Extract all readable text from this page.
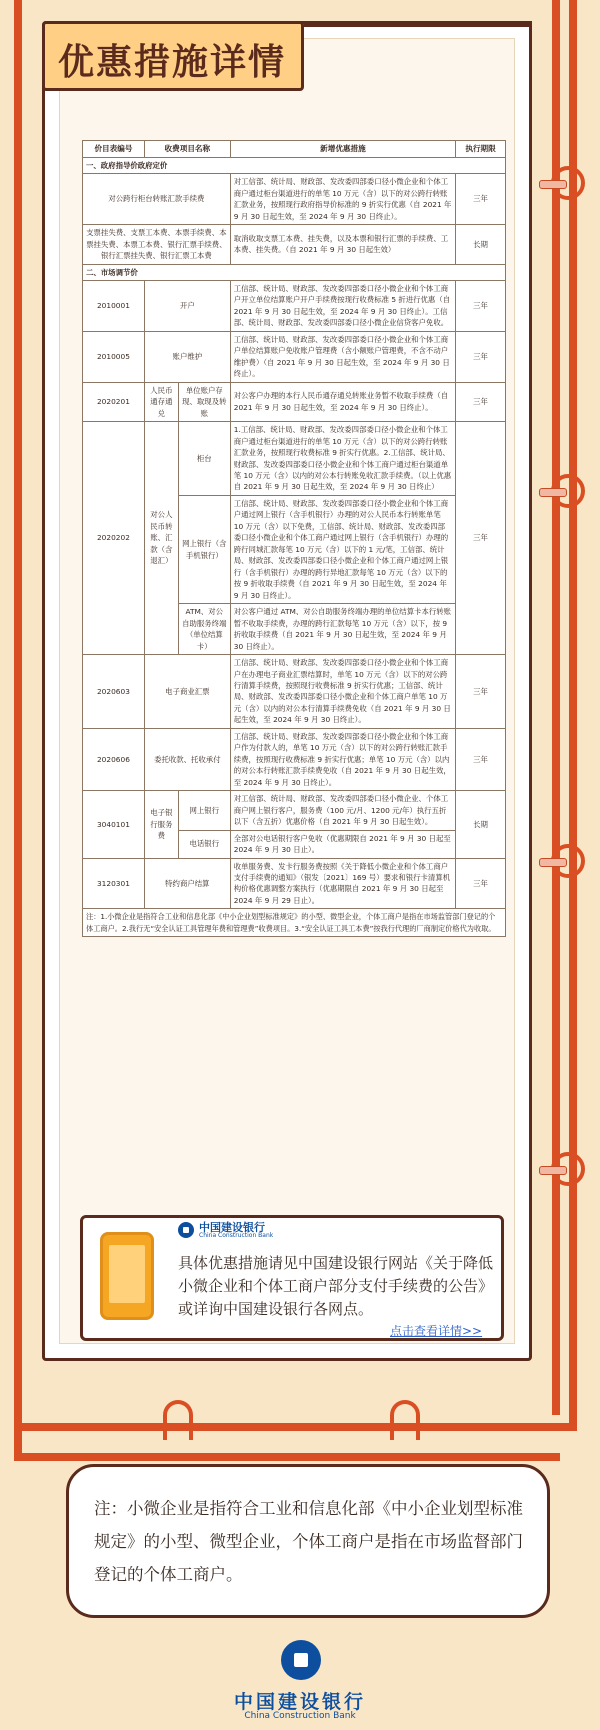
优惠措施详情
价目表编号	收费项目名称		新增优惠措施	执行期限
一、政府指导价政府定价				
对公跨行柜台转账汇款手续费			对工信部、统计局、财政部、发改委四部委口径小微企业和个体工商户通过柜台渠道进行的单笔 10 万元（含）以下的对公跨行转账汇款业务，按照现行政府指导价标准的 9 折实行优惠（自 2021 年 9 月 30 日起生效，至 2024 年 9 月 30 日终止）。	三年
支票挂失费、支票工本费、本票手续费、本票挂失费、本票工本费、银行汇票手续费、银行汇票挂失费、银行汇票工本费			取消收取支票工本费、挂失费，以及本票和银行汇票的手续费、工本费、挂失费。（自 2021 年 9 月 30 日起生效）	长期
二、市场调节价				
2010001	开户		工信部、统计局、财政部、发改委四部委口径小微企业和个体工商户开立单位结算账户开户手续费按现行收费标准 5 折进行优惠（自 2021 年 9 月 30 日起生效，至 2024 年 9 月 30 日终止）。工信部、统计局、财政部、发改委四部委口径小微企业信贷客户免收。	三年
2010005	账户维护		工信部、统计局、财政部、发改委四部委口径小微企业和个体工商户单位结算账户免收账户管理费（含小额账户管理费，不含不动户维护费）（自 2021 年 9 月 30 日起生效，至 2024 年 9 月 30 日终止）。	三年
2020201	人民币通存通兑	单位账户存现、取现及转账	对公客户办理的本行人民币通存通兑转账业务暂不收取手续费（自 2021 年 9 月 30 日起生效，至 2024 年 9 月 30 日终止）。	三年
2020202	对公人民币转账、汇款（含退汇）	柜台	1.工信部、统计局、财政部、发改委四部委口径小微企业和个体工商户通过柜台渠道进行的单笔 10 万元（含）以下的对公跨行转账汇款业务，按照现行收费标准 9 折实行优惠。2.工信部、统计局、财政部、发改委四部委口径小微企业和个体工商户通过柜台渠道单笔 10 万元（含）以内的对公本行转账免收汇款手续费。（以上优惠自 2021 年 9 月 30 日起生效，至 2024 年 9 月 30 日终止）	三年
		网上银行（含手机银行）	工信部、统计局、财政部、发改委四部委口径小微企业和个体工商户通过网上银行（含手机银行）办理的对公人民币本行转账单笔 10 万元（含）以下免费，工信部、统计局、财政部、发改委四部委口径小微企业和个体工商户通过网上银行（含手机银行）办理的跨行同城汇款每笔 10 万元（含）以下的 1 元/笔，工信部、统计局、财政部、发改委四部委口径小微企业和个体工商户通过网上银行（含手机银行）办理的跨行异地汇款每笔 10 万元（含）以下的按 9 折收取手续费（自 2021 年 9 月 30 日起生效，至 2024 年 9 月 30 日终止）。	
		ATM、对公自助服务终端（单位结算卡）	对公客户通过 ATM、对公自助服务终端办理的单位结算卡本行转账暂不收取手续费，办理的跨行汇款每笔 10 万元（含）以下，按 9 折收取手续费（自 2021 年 9 月 30 日起生效，至 2024 年 9 月 30 日终止）。	
2020603	电子商业汇票		工信部、统计局、财政部、发改委四部委口径小微企业和个体工商户在办理电子商业汇票结算时，单笔 10 万元（含）以下的对公跨行清算手续费，按照现行收费标准 9 折实行优惠；工信部、统计局、财政部、发改委四部委口径小微企业和个体工商户单笔 10 万元（含）以内的对公本行清算手续费免收（自 2021 年 9 月 30 日起生效，至 2024 年 9 月 30 日终止）。	三年
2020606	委托收款、托收承付		工信部、统计局、财政部、发改委四部委口径小微企业和个体工商户作为付款人的，单笔 10 万元（含）以下的对公跨行转账汇款手续费，按照现行收费标准 9 折实行优惠；单笔 10 万元（含）以内的对公本行转账汇款手续费免收（自 2021 年 9 月 30 日起生效，至 2024 年 9 月 30 日终止）。	三年
3040101	电子银行服务费	网上银行	对工信部、统计局、财政部、发改委四部委口径小微企业、个体工商户网上银行客户，服务费（100 元/月、1200 元/年）执行五折以下（含五折）优惠价格（自 2021 年 9 月 30 日起生效）。	长期
		电话银行	全部对公电话银行客户免收（优惠期限自 2021 年 9 月 30 日起至 2024 年 9 月 30 日止）。	
3120301	特约商户结算		收单服务费、发卡行服务费按照《关于降低小微企业和个体工商户支付手续费的通知》（银发〔2021〕169 号）要求和银行卡清算机构价格优惠调整方案执行（优惠期限自 2021 年 9 月 30 日起至 2024 年 9 月 29 日止）。	三年
注：1.小微企业是指符合工业和信息化部《中小企业划型标准规定》的小型、微型企业，个体工商户是指在市场监管部门登记的个体工商户。2.我行无“安全认证工具管理年费和管理费”收费项目。3.“安全认证工具工本费”按我行代理的厂商制定价格代为收取。				
中国建设银行
China Construction Bank
具体优惠措施请见中国建设银行网站《关于降低小微企业和个体工商户部分支付手续费的公告》或详询中国建设银行各网点。
点击查看详情>>
注：小微企业是指符合工业和信息化部《中小企业划型标准规定》的小型、微型企业，个体工商户是指在市场监督部门登记的个体工商户。
中国建设银行
China Construction Bank
